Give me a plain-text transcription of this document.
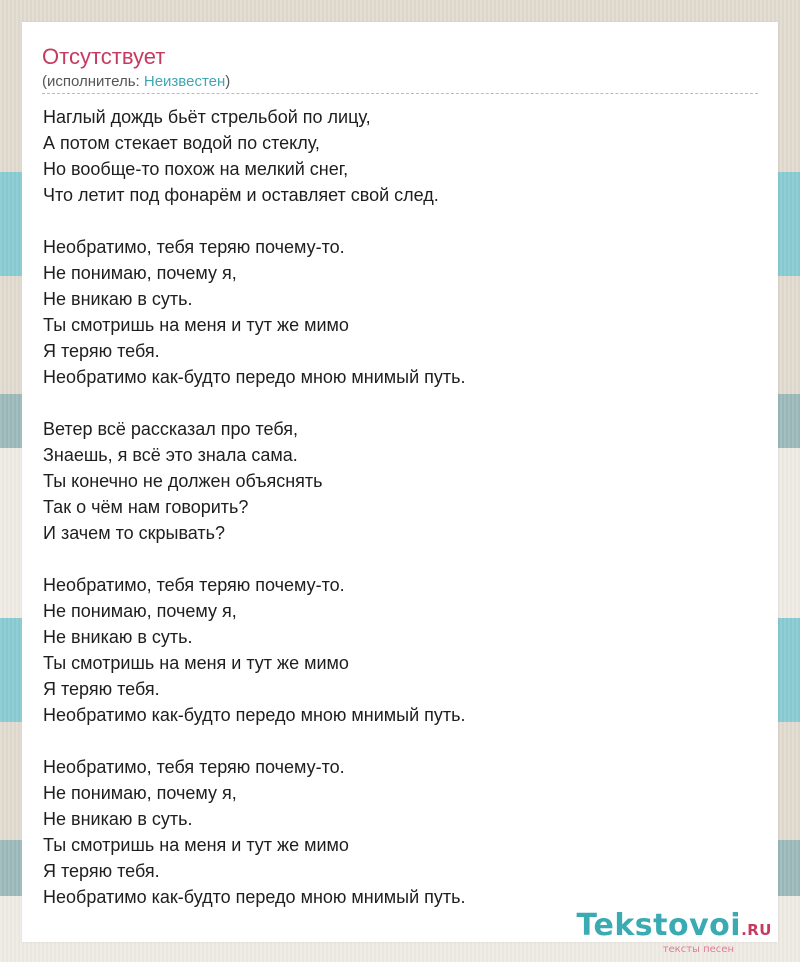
Отсутствует
(исполнитель: Неизвестен)
Наглый дождь бьёт стрельбой по лицу,
А потом стекает водой по стеклу,
Но вообще-то похож на мелкий снег,
Что летит под фонарём и оставляет свой след.
Необратимо, тебя теряю почему-то.
Не понимаю, почему я,
Не вникаю в суть.
Ты смотришь на меня и тут же мимо
Я теряю тебя.
Необратимо как-будто передо мною мнимый путь.
Ветер всё рассказал про тебя,
Знаешь, я всё это знала сама.
Ты конечно не должен объяснять
Так о чём нам говорить?
И зачем то скрывать?
Необратимо, тебя теряю почему-то.
Не понимаю, почему я,
Не вникаю в суть.
Ты смотришь на меня и тут же мимо
Я теряю тебя.
Необратимо как-будто передо мною мнимый путь.
Необратимо, тебя теряю почему-то.
Не понимаю, почему я,
Не вникаю в суть.
Ты смотришь на меня и тут же мимо
Я теряю тебя.
Необратимо как-будто передо мною мнимый путь.
Tekstovoi.RU
тексты песен
